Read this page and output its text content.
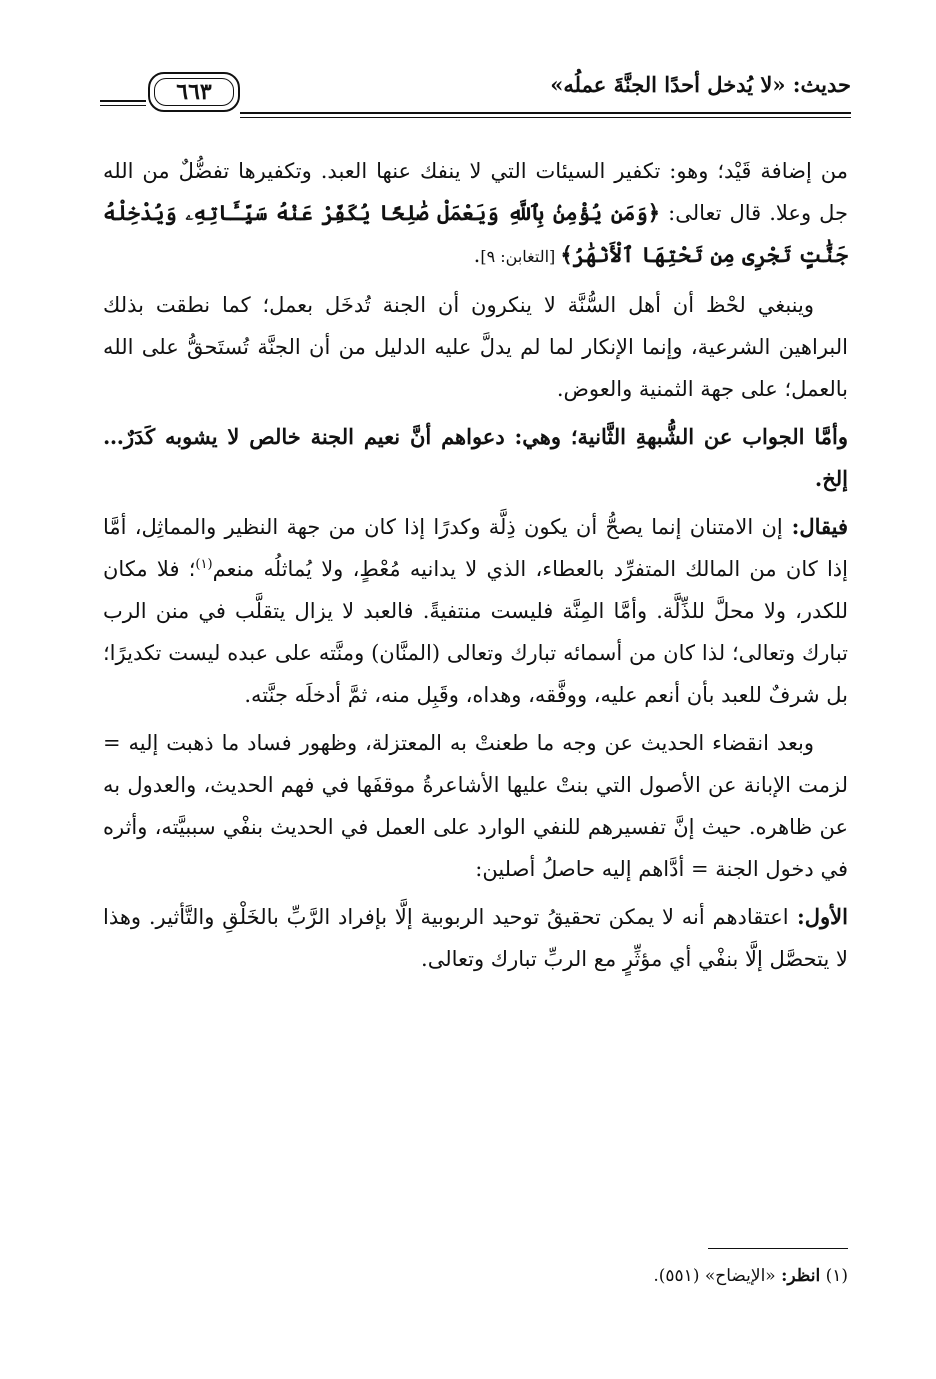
حديث: «لا يُدخل أحدًا الجنَّةَ عملُه»
٦٦٣

من إضافة قَيْد؛ وهو: تكفير السيئات التي لا ينفك عنها العبد. وتكفيرها تفضُّلٌ من الله جل وعلا. قال تعالى: ﴿وَمَن يُؤْمِنۢ بِٱللَّهِ وَيَعْمَلْ صَٰلِحًا يُكَفِّرْ عَنْهُ سَيِّـَٔاتِهِۦ وَيُدْخِلْهُ جَنَّٰتٍ تَجْرِى مِن تَحْتِهَا ٱلْأَنْهَٰرُ﴾ [التغابن: ٩].

وينبغي لحْظ أن أهل السُّنَّة لا ينكرون أن الجنة تُدخَل بعمل؛ كما نطقت بذلك البراهين الشرعية، وإنما الإنكار لما لم يدلَّ عليه الدليل من أن الجنَّة تُستَحقُّ على الله بالعمل؛ على جهة الثمنية والعوض.

وأمَّا الجواب عن الشُّبهةِ الثَّانية؛ وهي: دعواهم أنَّ نعيم الجنة خالص لا يشوبه كَدَرٌ… إلخ.

فيقال: إن الامتنان إنما يصحُّ أن يكون ذِلَّة وكدرًا إذا كان من جهة النظير والمماثِل، أمَّا إذا كان من المالك المتفرِّد بالعطاء، الذي لا يدانيه مُعْطٍ، ولا يُماثلُه منعم$^{(١)}$؛ فلا مكان للكدر، ولا محلَّ للذِّلَّة. وأمَّا المِنَّة فليست منتفيةً. فالعبد لا يزال يتقلَّب في منن الرب تبارك وتعالى؛ لذا كان من أسمائه تبارك وتعالى (المنَّان) ومنَّته على عبده ليست تكديرًا؛ بل شرفٌ للعبد بأن أنعم عليه، ووفَّقه، وهداه، وقَبِل منه، ثمَّ أدخلَه جنَّته.

وبعد انقضاء الحديث عن وجه ما طعنتْ به المعتزلة، وظهور فساد ما ذهبت إليه = لزمت الإبانة عن الأصول التي بنتْ عليها الأشاعرةُ موقفَها في فهم الحديث، والعدول به عن ظاهره. حيث إنَّ تفسيرهم للنفي الوارد على العمل في الحديث بنفْي سببيَّته، وأثره في دخول الجنة = أدَّاهم إليه حاصلُ أصلين:

الأول: اعتقادهم أنه لا يمكن تحقيقُ توحيد الربوبية إلَّا بإفراد الرَّبِّ بالخَلْقِ والتَّأثير. وهذا لا يتحصَّل إلَّا بنفْي أي مؤثِّرٍ مع الربِّ تبارك وتعالى.

(١) انظر: «الإيضاح» (٥٥١).
